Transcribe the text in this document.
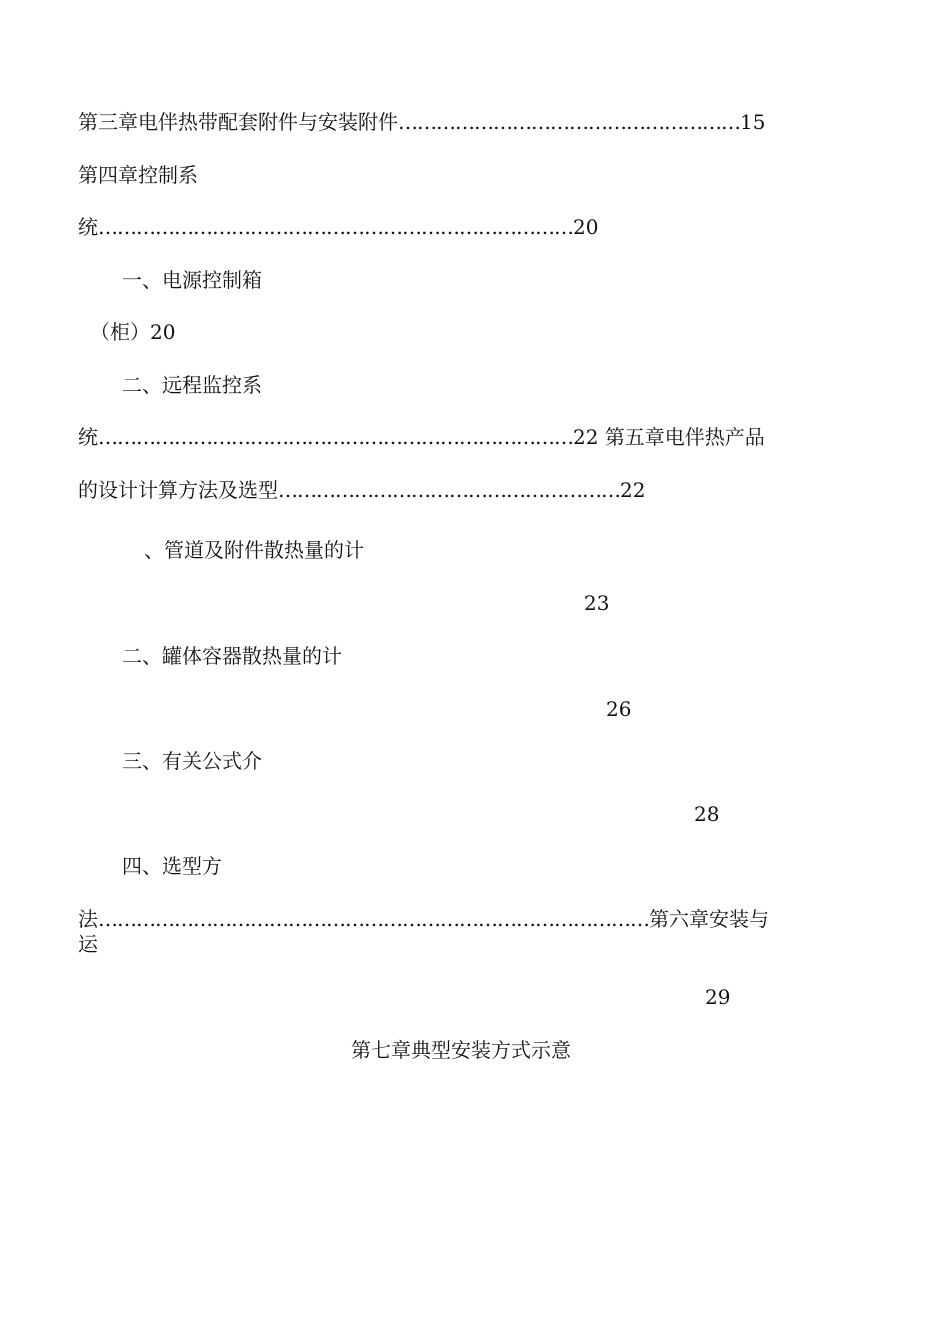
第三章电伴热带配套附件与安装附件………………………………………………15
第四章控制系
统…………………………………………………………………20
一、电源控制箱
（柜）20
二、远程监控系
统…………………………………………………………………22 第五章电伴热产品
的设计计算方法及选型………………………………………………22
、管道及附件散热量的计
23
二、罐体容器散热量的计
26
三、有关公式介
28
四、选型方
法……………………………………………………………………………第六章安装与
运
29
第七章典型安装方式示意
